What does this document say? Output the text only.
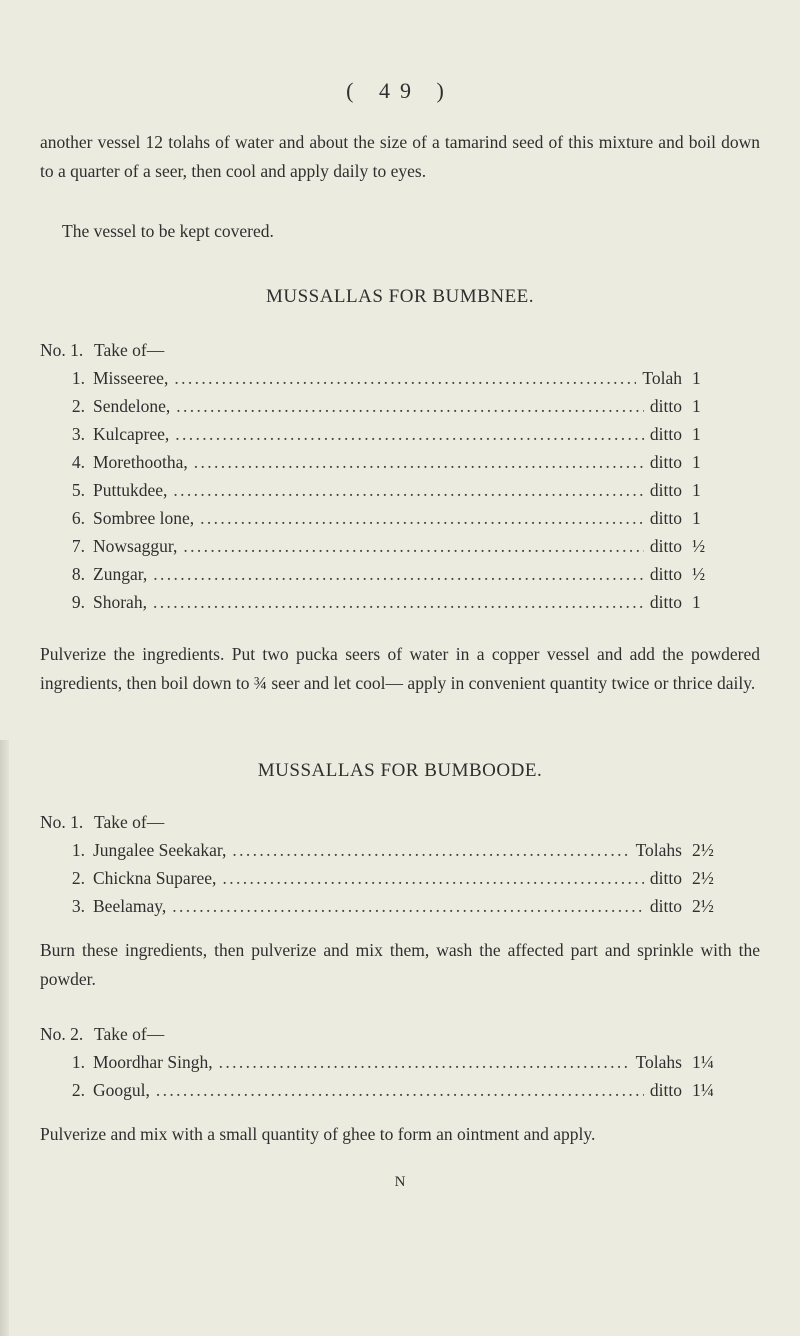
( 49 )
another vessel 12 tolahs of water and about the size of a tamarind seed of this mixture and boil down to a quarter of a seer, then cool and apply daily to eyes.
The vessel to be kept covered.
MUSSALLAS FOR BUMBNEE.
No. 1. Take of—
1. Misseeree, . . .	Tolah 1
2. Sendelone, . . .	ditto 1
3. Kulcapree, . . .	ditto 1
4. Morethootha, . . .	ditto 1
5. Puttukdee, . . .	ditto 1
6. Sombree lone, . . .	ditto 1
7. Nowsaggur, . . .	ditto ½
8. Zungar, . . .	ditto ½
9. Shorah, . . .	ditto 1
Pulverize the ingredients. Put two pucka seers of water in a copper vessel and add the powdered ingredients, then boil down to ¾ seer and let cool— apply in convenient quantity twice or thrice daily.
MUSSALLAS FOR BUMBOODE.
No. 1. Take of—
1. Jungalee Seekakar, . . .	Tolahs 2½
2. Chickna Suparee, . . .	ditto 2½
3. Beelamay, . . .	ditto 2½
Burn these ingredients, then pulverize and mix them, wash the affected part and sprinkle with the powder.
No. 2. Take of—
1. Moordhar Singh, . . .	Tolahs 1¼
2. Googul, . . .	ditto 1¼
Pulverize and mix with a small quantity of ghee to form an ointment and apply.
N
